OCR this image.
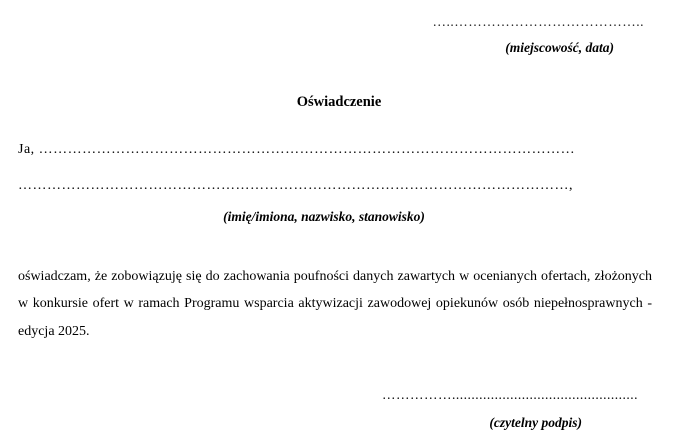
…..…………………………………..
(miejscowość, data)
Oświadczenie
Ja, …………………………………………………………………………………………………
……………………………………………………………………………………………………,
(imię/imiona, nazwisko, stanowisko)
oświadczam, że zobowiązuję się do zachowania poufności danych zawartych w ocenianych ofertach, złożonych w konkursie ofert w ramach Programu wsparcia aktywizacji zawodowej opiekunów osób niepełnosprawnych - edycja 2025.
……………................................................
(czytelny podpis)
